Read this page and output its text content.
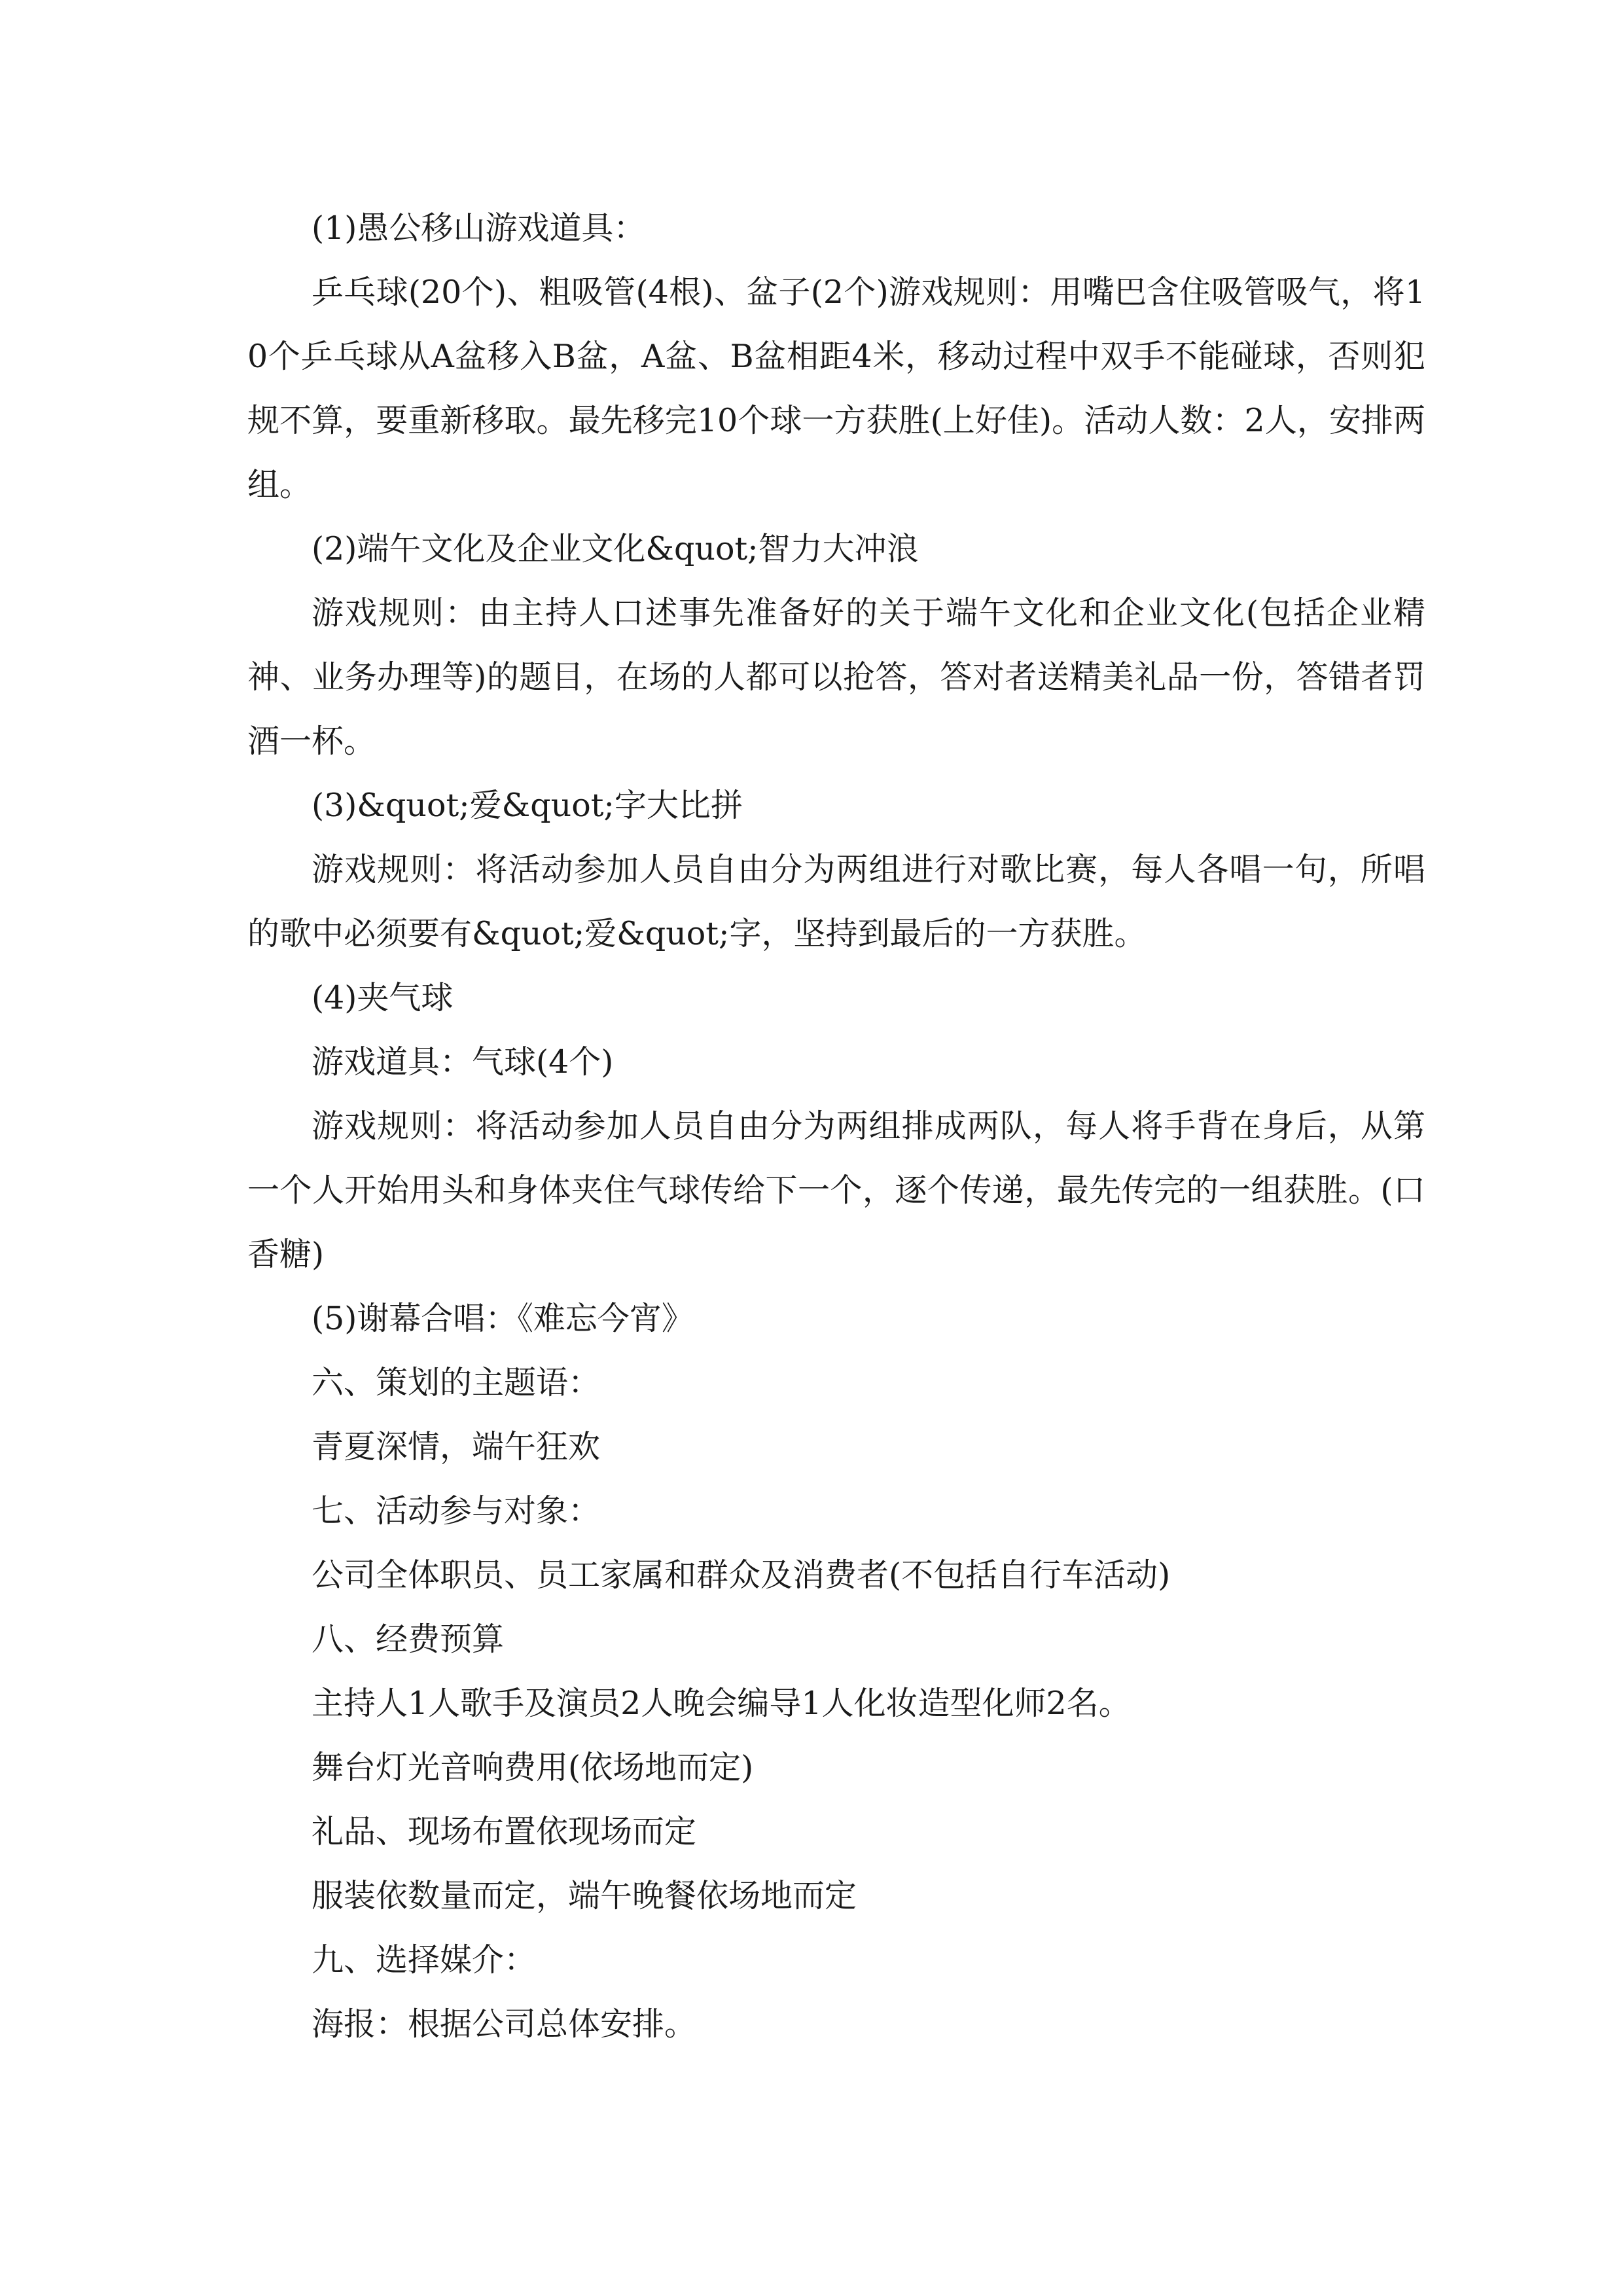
(1)愚公移山游戏道具：

乒乓球(20个)、粗吸管(4根)、盆子(2个)游戏规则：用嘴巴含住吸管吸气，将10个乒乓球从A盆移入B盆，A盆、B盆相距4米，移动过程中双手不能碰球，否则犯规不算，要重新移取。最先移完10个球一方获胜(上好佳)。活动人数：2人，安排两组。

(2)端午文化及企业文化&quot;智力大冲浪

游戏规则：由主持人口述事先准备好的关于端午文化和企业文化(包括企业精神、业务办理等)的题目，在场的人都可以抢答，答对者送精美礼品一份，答错者罚酒一杯。

(3)&quot;爱&quot;字大比拼

游戏规则：将活动参加人员自由分为两组进行对歌比赛，每人各唱一句，所唱的歌中必须要有&quot;爱&quot;字，坚持到最后的一方获胜。

(4)夹气球

游戏道具：气球(4个)

游戏规则：将活动参加人员自由分为两组排成两队，每人将手背在身后，从第一个人开始用头和身体夹住气球传给下一个，逐个传递，最先传完的一组获胜。(口香糖)

(5)谢幕合唱：《难忘今宵》

六、策划的主题语：

青夏深情，端午狂欢

七、活动参与对象：

公司全体职员、员工家属和群众及消费者(不包括自行车活动)

八、经费预算

主持人1人歌手及演员2人晚会编导1人化妆造型化师2名。

舞台灯光音响费用(依场地而定)

礼品、现场布置依现场而定

服装依数量而定，端午晚餐依场地而定

九、选择媒介：

海报：根据公司总体安排。
